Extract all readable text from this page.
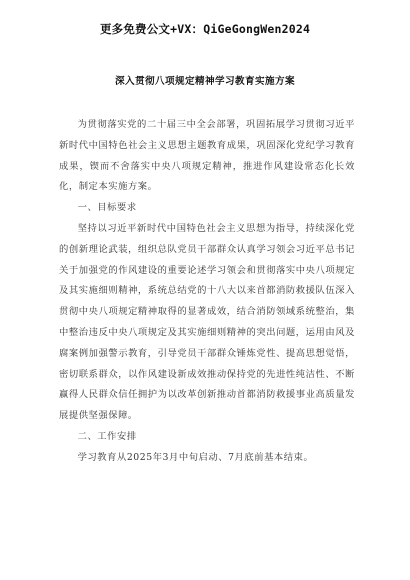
更多免费公文+VX：QiGeGongWen2024
深入贯彻八项规定精神学习教育实施方案

为贯彻落实党的二十届三中全会部署，巩固拓展学习贯彻习近平新时代中国特色社会主义思想主题教育成果，巩固深化党纪学习教育成果，锲而不舍落实中央八项规定精神，推进作风建设常态化长效化，制定本实施方案。

一、目标要求

坚持以习近平新时代中国特色社会主义思想为指导，持续深化党的创新理论武装，组织总队党员干部群众认真学习领会习近平总书记关于加强党的作风建设的重要论述学习领会和贯彻落实中央八项规定及其实施细则精神，系统总结党的十八大以来首都消防救援队伍深入贯彻中央八项规定精神取得的显著成效，结合消防领域系统整治，集中整治违反中央八项规定及其实施细则精神的突出问题，运用由风及腐案例加强警示教育，引导党员干部群众锤炼党性、提高思想觉悟，密切联系群众，以作风建设新成效推动保持党的先进性纯洁性、不断赢得人民群众信任拥护为以改革创新推动首都消防救援事业高质量发展提供坚强保障。

二、工作安排

学习教育从2025年3月中旬启动、7月底前基本结束。
